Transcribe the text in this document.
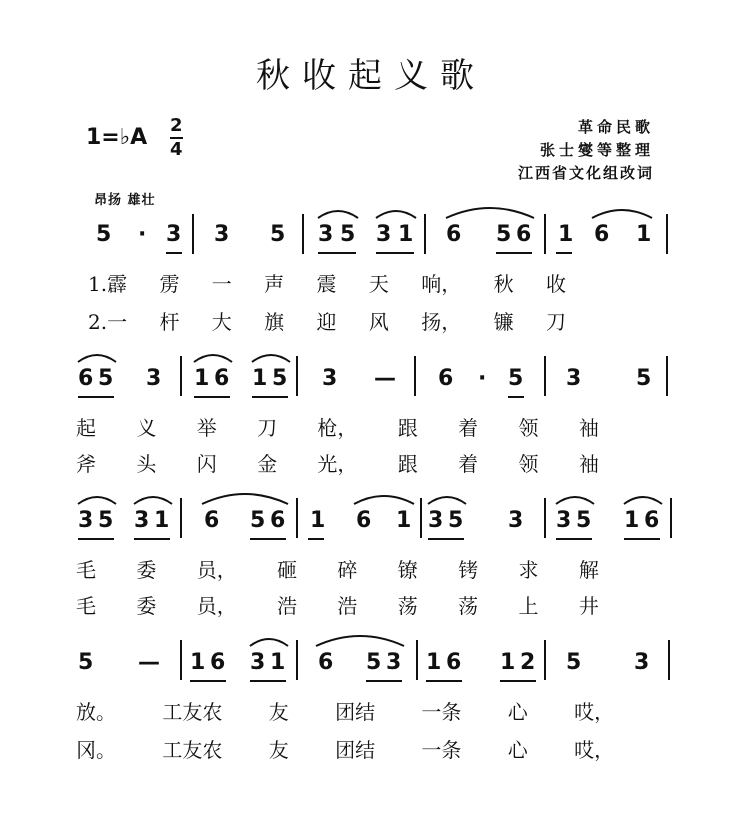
秋收起义歌
1=♭A 2
4
革命民歌
张士燮等整理
江西省文化组改词
昂扬 雄壮
5 · 3 3 5 3 5 3 1 6 5 6 1 6 1
1.霹 雳 一 声 震 天 响， 秋 收
2.一 杆 大 旗 迎 风 扬， 镰 刀
6 5 3 1 6 1 5 3 — 6 · 5 3 5
起 义 举 刀 枪， 跟 着 领 袖
斧 头 闪 金 光， 跟 着 领 袖
3 5 3 1 6 5 6 1 6 1 3 5 3 3 5 1 6
毛 委 员， 砸 碎 镣 铐 求 解
毛 委 员， 浩 浩 荡 荡 上 井
5 — 1 6 3 1 6 5 3 1 6 1 2 5 3
放。 工友农 友 团结 一条 心 哎，
冈。 工友农 友 团结 一条 心 哎，
